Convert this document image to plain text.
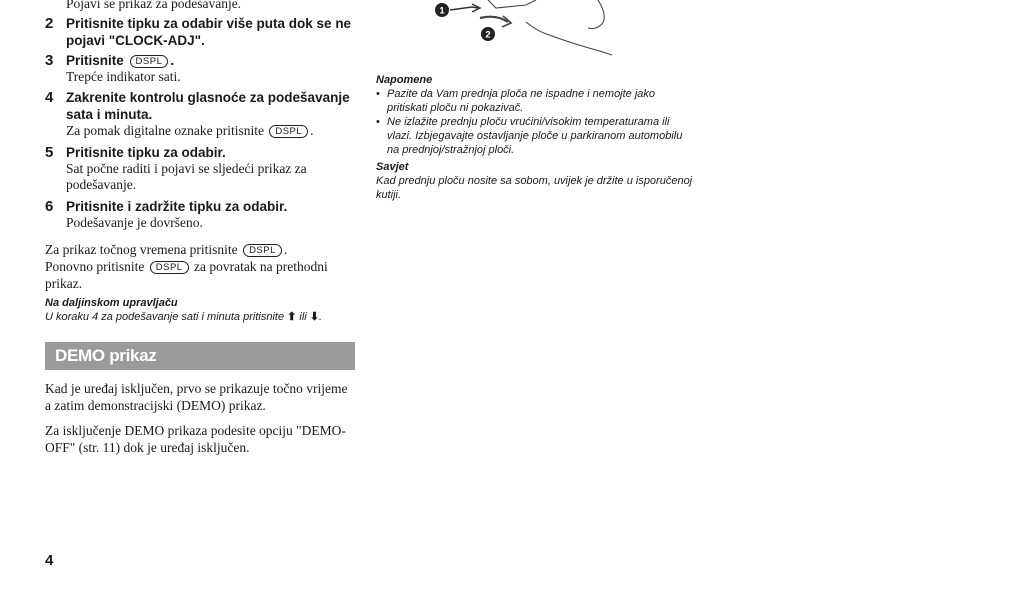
Pojavi se prikaz za podešavanje.
2 Pritisnite tipku za odabir više puta dok se ne pojavi "CLOCK-ADJ".
3 Pritisnite DSPL .
Trepće indikator sati.
4 Zakrenite kontrolu glasnoće za podešavanje sata i minuta.
Za pomak digitalne oznake pritisnite DSPL .
5 Pritisnite tipku za odabir.
Sat počne raditi i pojavi se sljedeći prikaz za podešavanje.
6 Pritisnite i zadržite tipku za odabir.
Podešavanje je dovršeno.
Za prikaz točnog vremena pritisnite DSPL .
Ponovno pritisnite DSPL za povratak na prethodni prikaz.
Na daljinskom upravljaču
U koraku 4 za podešavanje sati i minuta pritisnite ⬆ ili ⬇.
DEMO prikaz
Kad je uređaj isključen, prvo se prikazuje točno vrijeme a zatim demonstracijski (DEMO) prikaz.
Za isključenje DEMO prikaza podesite opciju "DEMO-OFF" (str. 11) dok je uređaj isključen.
1
2
Napomene
• Pazite da Vam prednja ploča ne ispadne i nemojte jako pritiskati ploču ni pokazivač.
• Ne izlažite prednju ploču vrućini/visokim temperaturama ili vlazi. Izbjegavajte ostavljanje ploče u parkiranom automobilu na prednjoj/stražnjoj ploči.
Savjet
Kad prednju ploču nosite sa sobom, uvijek je držite u isporučenoj kutiji.
4
